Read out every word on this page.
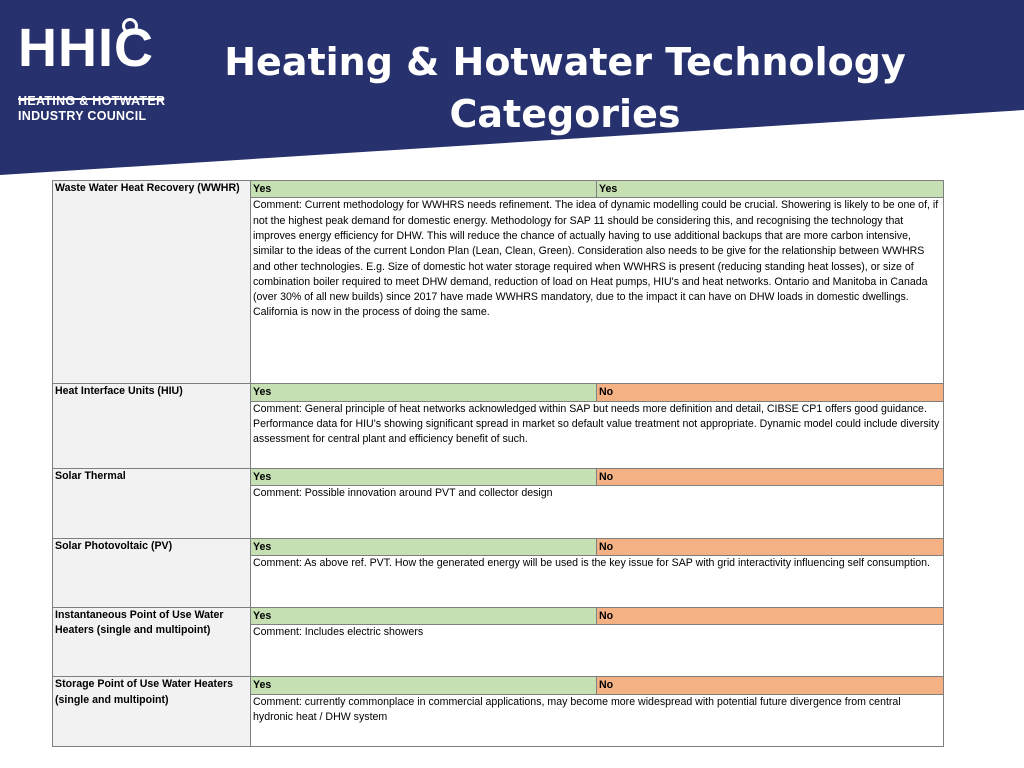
HHIC
HEATING & HOTWATER
INDUSTRY COUNCIL
Heating & Hotwater Technology
Categories
Waste Water Heat Recovery (WWHR)	Yes	Yes
	Comment: Current methodology for WWHRS needs refinement. The idea of dynamic modelling could be crucial. Showering is likely to be one of, if not the highest peak demand for domestic energy. Methodology for SAP 11 should be considering this, and recognising the technology that improves energy efficiency for DHW. This will reduce the chance of actually having to use additional backups that are more carbon intensive, similar to the ideas of the current London Plan (Lean, Clean, Green). Consideration also needs to be give for the relationship between WWHRS and other technologies. E.g. Size of domestic hot water storage required when WWHRS is present (reducing standing heat losses), or size of combination boiler required to meet DHW demand, reduction of load on Heat pumps, HIU's and heat networks. Ontario and Manitoba in Canada (over 30% of all new builds) since 2017 have made WWHRS mandatory, due to the impact it can have on DHW loads in domestic dwellings. California is now in the process of doing the same.	
Heat Interface Units (HIU)	Yes	No
	Comment: General principle of heat networks acknowledged within SAP but needs more definition and detail, CIBSE CP1 offers good guidance. Performance data for HIU's showing significant spread in market so default value treatment not appropriate. Dynamic model could include diversity assessment for central plant and efficiency benefit of such.	
Solar Thermal	Yes	No
	Comment: Possible innovation around PVT and collector design	
Solar Photovoltaic (PV)	Yes	No
	Comment: As above ref. PVT. How the generated energy will be used is the key issue for SAP with grid interactivity influencing self consumption.	
Instantaneous Point of Use Water Heaters (single and multipoint)	Yes	No
	Comment: Includes electric showers	
Storage Point of Use Water Heaters (single and multipoint)	Yes	No
	Comment: currently commonplace in commercial applications, may become more widespread with potential future divergence from central hydronic heat / DHW system	
